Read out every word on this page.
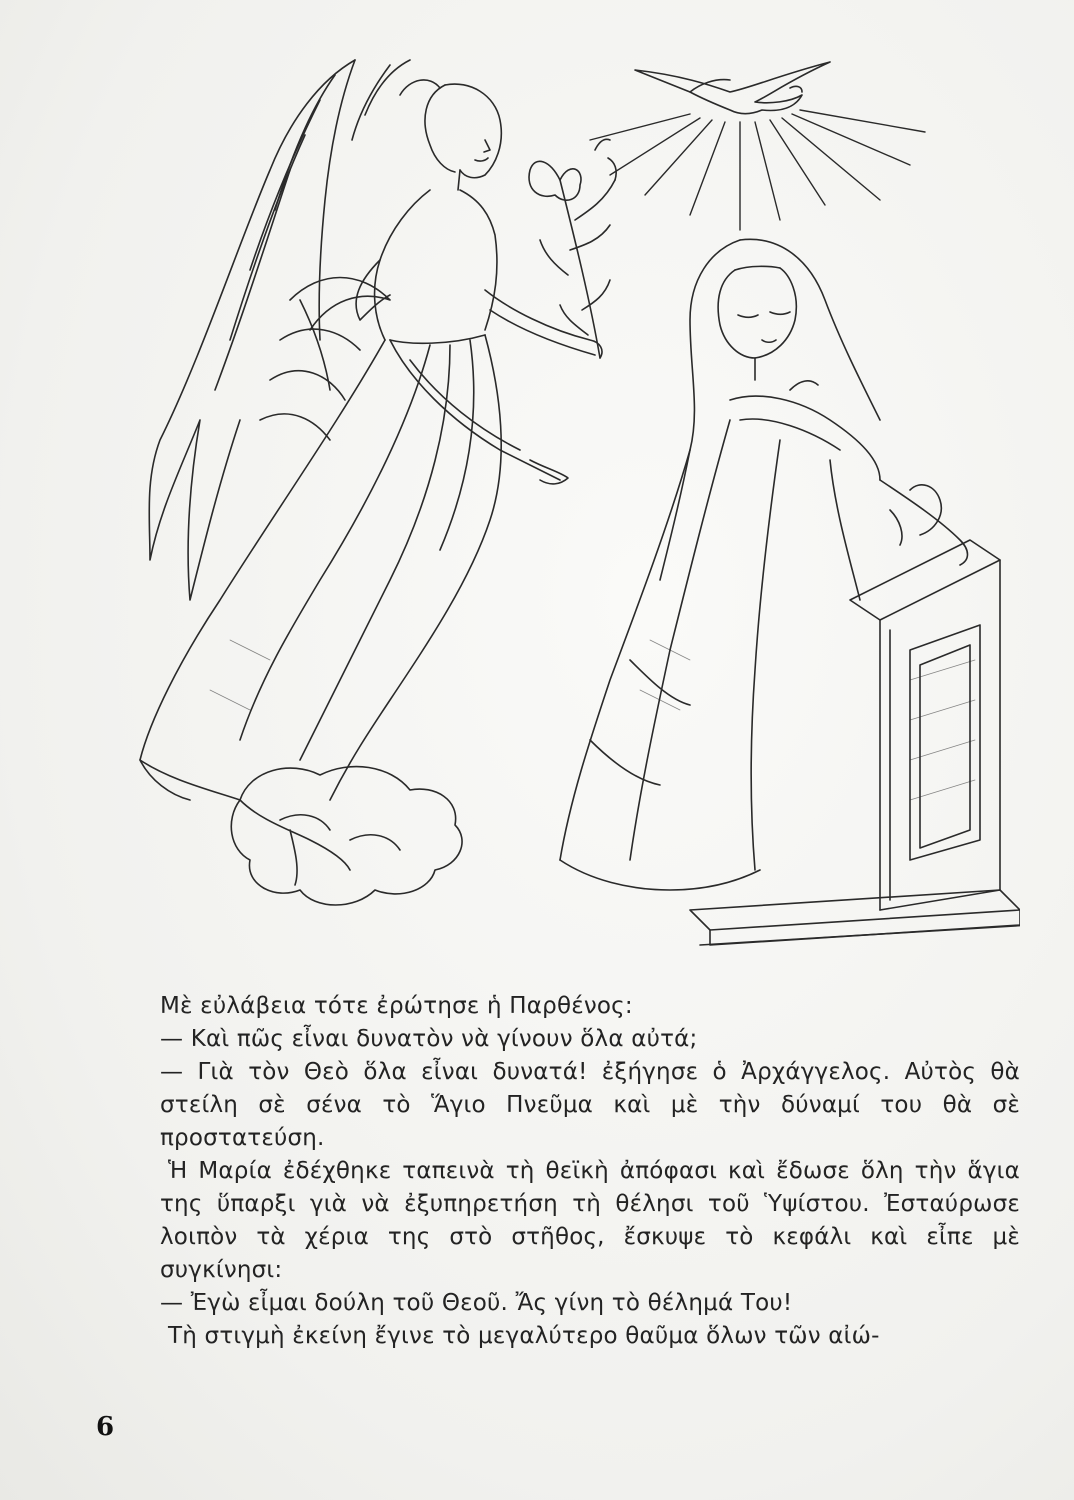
Μὲ εὐλάβεια τότε ἐρώτησε ἡ Παρθένος:

— Καὶ πῶς εἶναι δυνατὸν νὰ γίνουν ὅλα αὐτά;

— Γιὰ τὸν Θεὸ ὅλα εἶναι δυνατά! ἐξήγησε ὁ Ἀρχάγγελος. Αὐτὸς θὰ στείλη σὲ σένα τὸ Ἅγιο Πνεῦμα καὶ μὲ τὴν δύναμί του θὰ σὲ προστατεύση.

Ἡ Μαρία ἐδέχθηκε ταπεινὰ τὴ θεϊκὴ ἀπόφασι καὶ ἔδωσε ὅλη τὴν ἅγια της ὕπαρξι γιὰ νὰ ἐξυπηρετήση τὴ θέλησι τοῦ Ὑψίστου. Ἐσταύρωσε λοιπὸν τὰ χέρια της στὸ στῆθος, ἔσκυψε τὸ κεφάλι καὶ εἶπε μὲ συγκίνησι:

— Ἐγὼ εἶμαι δούλη τοῦ Θεοῦ. Ἄς γίνη τὸ θέλημά Του!

Τὴ στιγμὴ ἐκείνη ἔγινε τὸ μεγαλύτερο θαῦμα ὅλων τῶν αἰώ-

6
